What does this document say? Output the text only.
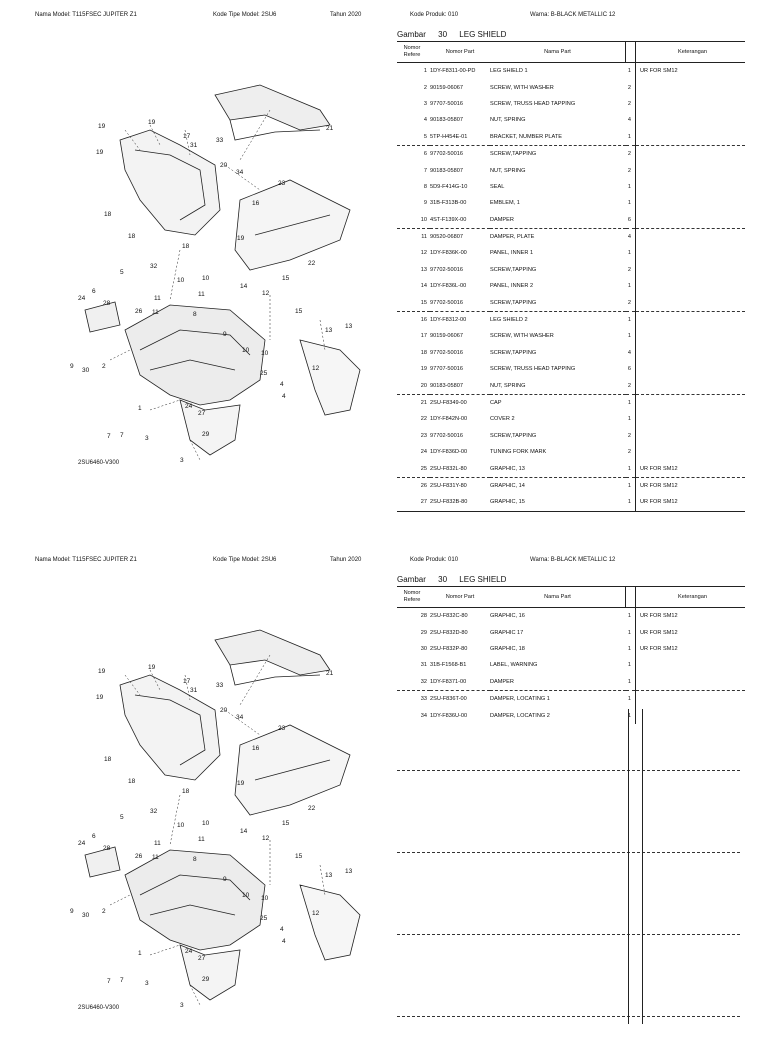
Nama Model: T115FSEC JUPITER Z1	Kode Tipe Model: 2SU6	Tahun 2020	Kode Produk: 010	Warna: B-BLACK METALLIC 12
Gambar 30 LEG SHIELD
19
19
17
31
33
21
19
20
34
23
18
16
19
18
18
32	22
6
5
10	10
11
11
11
26
24
28
8
12
14
15
15
13
13
9
30
2
25
12
4
24
27
7 7	3
29
3
9
10 10
4
1
2SU6460-V300
Nomor Refere	Nomor Part	Nama Part		Keterangan
1	1DY-F8311-00-PD	LEG SHIELD 1	1	UR FOR SM12
2	90159-06067	SCREW, WITH WASHER	2	
3	97707-50016	SCREW, TRUSS HEAD TAPPING	2	
4	90183-05807	NUT, SPRING	4	
5	5TP-H454E-01	BRACKET, NUMBER PLATE	1	
6	97702-50016	SCREW,TAPPING	2	
7	90183-05807	NUT, SPRING	2	
8	5D9-F414G-10	SEAL	1	
9	31B-F313B-00	EMBLEM, 1	1	
10	4ST-F139X-00	DAMPER	6	
11	90520-06807	DAMPER, PLATE	4	
12	1DY-F836K-00	PANEL, INNER 1	1	
13	97702-50016	SCREW,TAPPING	2	
14	1DY-F836L-00	PANEL, INNER 2	1	
15	97702-50016	SCREW,TAPPING	2	
16	1DY-F8312-00	LEG SHIELD 2	1	
17	90159-06067	SCREW, WITH WASHER	1	
18	97702-50016	SCREW,TAPPING	4	
19	97707-50016	SCREW, TRUSS HEAD TAPPING	6	
20	90183-05807	NUT, SPRING	2	
21	2SU-F8349-00	CAP	1	
22	1DY-F842N-00	COVER 2	1	
23	97702-50016	SCREW,TAPPING	2	
24	1DY-F836D-00	TUNING FORK MARK	2	
25	2SU-F832L-80	GRAPHIC, 13	1	UR FOR SM12
26	2SU-F831Y-80	GRAPHIC, 14	1	UR FOR SM12
27	2SU-F832B-80	GRAPHIC, 15	1	UR FOR SM12
Nama Model: T115FSEC JUPITER Z1	Kode Tipe Model: 2SU6	Tahun 2020	Kode Produk: 010	Warna: B-BLACK METALLIC 12
Gambar 30 LEG SHIELD
19
19
17
31
33
21
19
20
34
23
18
16
19
18
18
32	22
6
5
10	10
11
11
11
26
24
28
8
12
14
15
15
13
13
9
30
2
25
12
4
24
27
7 7	3
29
3
9
10 10
4
1
2SU6460-V300
Nomor Refere	Nomor Part	Nama Part		Keterangan
28	2SU-F832C-80	GRAPHIC, 16	1	UR FOR SM12
29	2SU-F832D-80	GRAPHIC 17	1	UR FOR SM12
30	2SU-F832P-80	GRAPHIC, 18	1	UR FOR SM12
31	31B-F1568-B1	LABEL, WARNING	1	
32	1DY-F8371-00	DAMPER	1	
33	2SU-F836T-00	DAMPER, LOCATING 1	1	
34	1DY-F836U-00	DAMPER, LOCATING 2	1	
